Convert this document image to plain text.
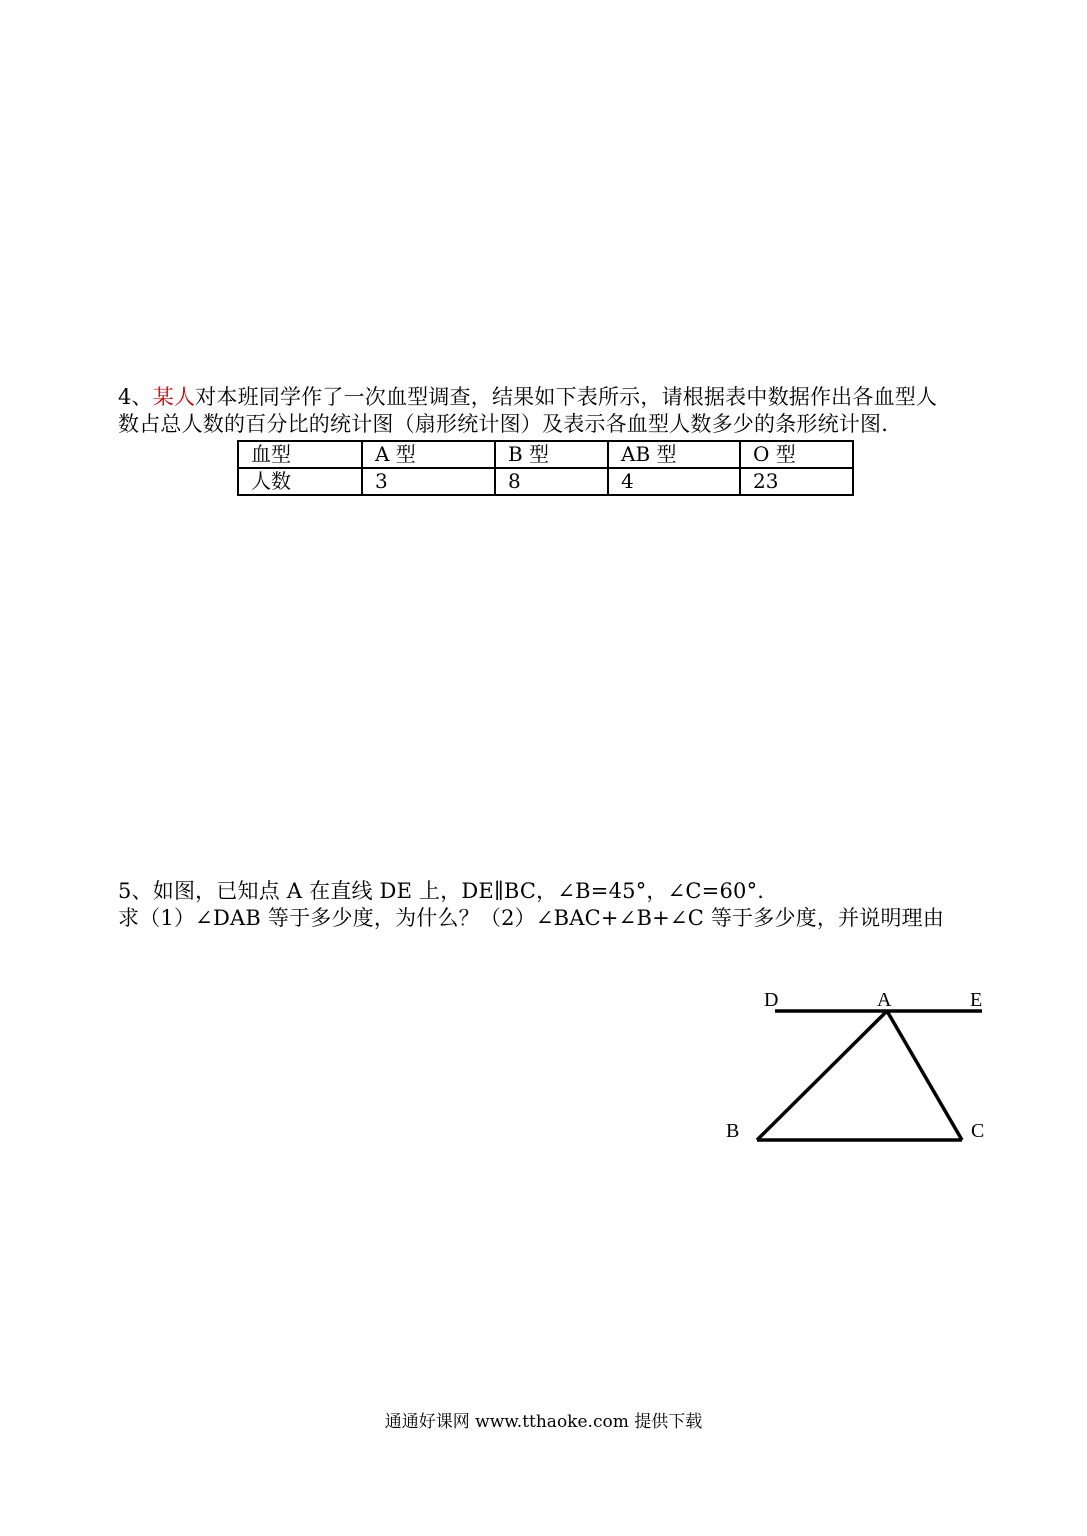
4、某人对本班同学作了一次血型调查，结果如下表所示，请根据表中数据作出各血型人
数占总人数的百分比的统计图（扇形统计图）及表示各血型人数多少的条形统计图.
血型	A 型	B 型	AB 型	O 型
人数	3	8	4	23
5、如图，已知点 A 在直线 DE 上，DE∥BC，∠B=45°，∠C=60°.
求（1）∠DAB 等于多少度，为什么？（2）∠BAC+∠B+∠C 等于多少度，并说明理由
D	A	E
B	C
通通好课网 www.tthaoke.com 提供下载
